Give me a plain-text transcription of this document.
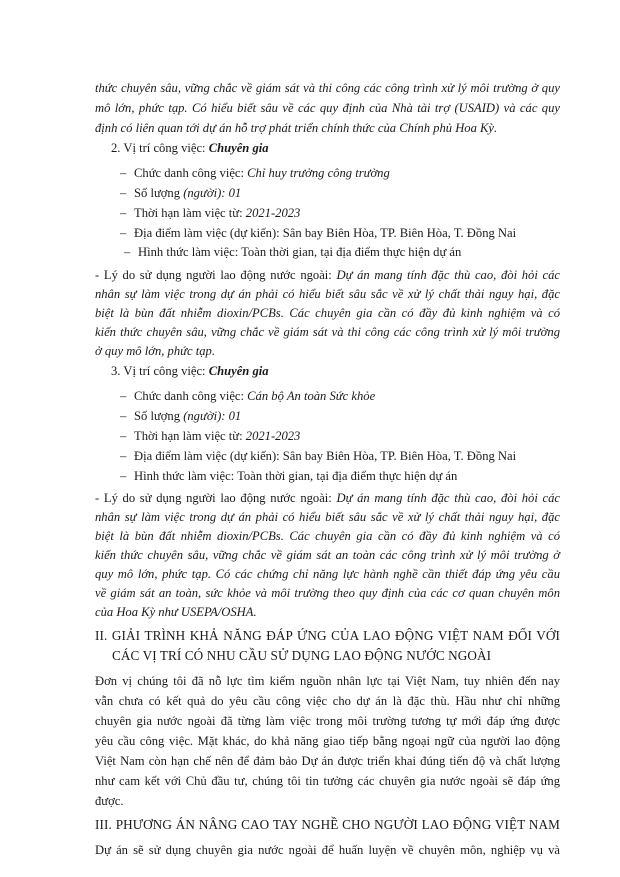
thức chuyên sâu, vững chắc về giám sát và thi công các công trình xử lý môi trường ở quy
mô lớn, phức tạp. Có hiểu biết sâu về các quy định của Nhà tài trợ (USAID) và các quy
định có liên quan tới dự án hỗ trợ phát triển chính thức của Chính phủ Hoa Kỳ.
2. Vị trí công việc: Chuyên gia
– Chức danh công việc: Chỉ huy trưởng công trường
– Số lượng (người): 01
– Thời hạn làm việc từ: 2021-2023
– Địa điểm làm việc (dự kiến): Sân bay Biên Hòa, TP. Biên Hòa, T. Đồng Nai
– Hình thức làm việc: Toàn thời gian, tại địa điểm thực hiện dự án
- Lý do sử dụng người lao động nước ngoài: Dự án mang tính đặc thù cao, đòi hỏi các
nhân sự làm việc trong dự án phải có hiểu biết sâu sắc về xử lý chất thải nguy hại, đặc
biệt là bùn đất nhiễm dioxin/PCBs. Các chuyên gia cần có đầy đủ kinh nghiệm và có
kiến thức chuyên sâu, vững chắc về giám sát và thi công các công trình xử lý môi trường
ở quy mô lớn, phức tạp.
3. Vị trí công việc: Chuyên gia
– Chức danh công việc: Cán bộ An toàn Sức khỏe
– Số lượng (người): 01
– Thời hạn làm việc từ: 2021-2023
– Địa điểm làm việc (dự kiến): Sân bay Biên Hòa, TP. Biên Hòa, T. Đồng Nai
– Hình thức làm việc: Toàn thời gian, tại địa điểm thực hiện dự án
- Lý do sử dụng người lao động nước ngoài: Dự án mang tính đặc thù cao, đòi hỏi các
nhân sự làm việc trong dự án phải có hiểu biết sâu sắc về xử lý chất thải nguy hại, đặc
biệt là bùn đất nhiễm dioxin/PCBs. Các chuyên gia cần có đầy đủ kinh nghiệm và có
kiến thức chuyên sâu, vững chắc về giám sát an toàn các công trình xử lý môi trường ở
quy mô lớn, phức tạp. Có các chứng chỉ năng lực hành nghề cần thiết đáp ứng yêu cầu
về giám sát an toàn, sức khỏe và môi trường theo quy định của các cơ quan chuyên môn
của Hoa Kỳ như USEPA/OSHA.
II. GIẢI TRÌNH KHẢ NĂNG ĐÁP ỨNG CỦA LAO ĐỘNG VIỆT NAM ĐỐI VỚI
CÁC VỊ TRÍ CÓ NHU CẦU SỬ DỤNG LAO ĐỘNG NƯỚC NGOÀI
Đơn vị chúng tôi đã nỗ lực tìm kiếm nguồn nhân lực tại Việt Nam, tuy nhiên đến nay
vẫn chưa có kết quả do yêu cầu công việc cho dự án là đặc thù. Hầu như chỉ những
chuyên gia nước ngoài đã từng làm việc trong môi trường tương tự mới đáp ứng được
yêu cầu công việc. Mặt khác, do khả năng giao tiếp bằng ngoại ngữ của người lao động
Việt Nam còn hạn chế nên để đảm bảo Dự án được triển khai đúng tiến độ và chất lượng
như cam kết với Chủ đầu tư, chúng tôi tin tưởng các chuyên gia nước ngoài sẽ đáp ứng
được.
III. PHƯƠNG ÁN NÂNG CAO TAY NGHỀ CHO NGƯỜI LAO ĐỘNG VIỆT NAM
Dự án sẽ sử dụng chuyên gia nước ngoài để huấn luyện về chuyên môn, nghiệp vụ và
